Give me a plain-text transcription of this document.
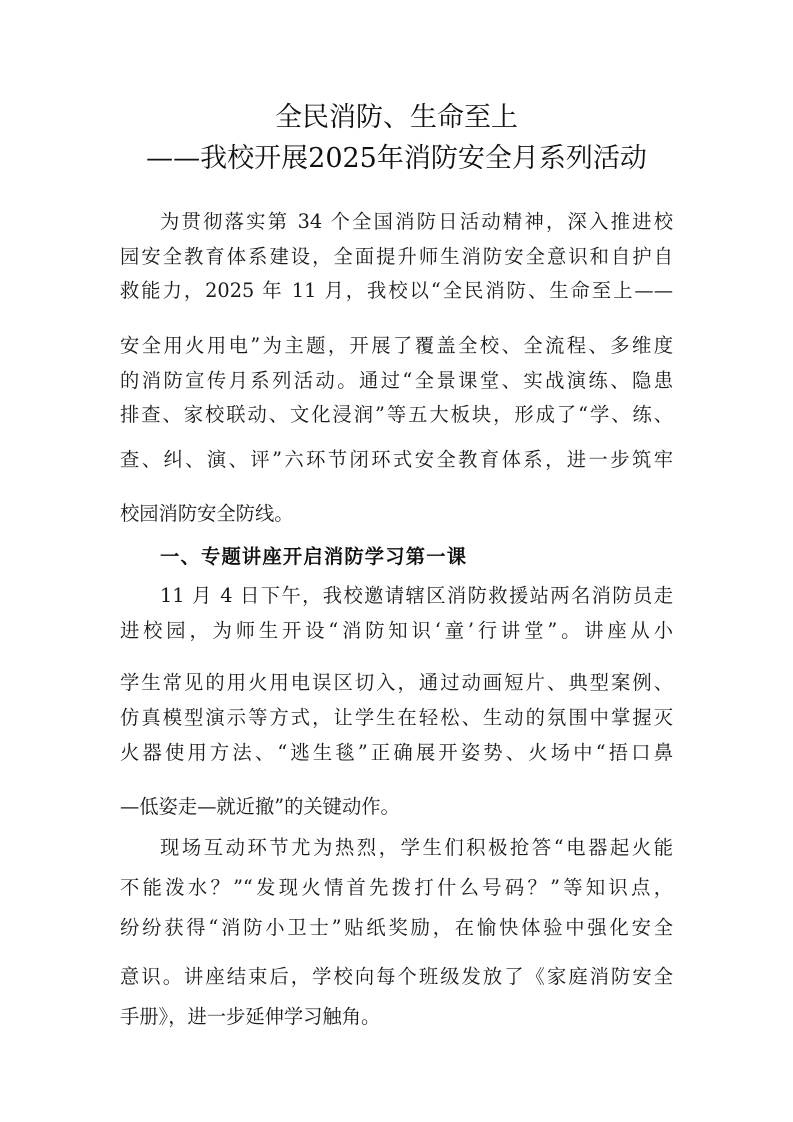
全民消防、生命至上
——我校开展2025年消防安全月系列活动
为贯彻落实第 34 个全国消防日活动精神，深入推进校
园安全教育体系建设，全面提升师生消防安全意识和自护自
救能力，2025 年 11 月，我校以“全民消防、生命至上——
安全用火用电”为主题，开展了覆盖全校、全流程、多维度
的消防宣传月系列活动。通过“全景课堂、实战演练、隐患
排查、家校联动、文化浸润”等五大板块，形成了“学、练、
查、纠、演、评”六环节闭环式安全教育体系，进一步筑牢
校园消防安全防线。
一、专题讲座开启消防学习第一课
11 月 4 日下午，我校邀请辖区消防救援站两名消防员走
进校园，为师生开设“消防知识‘童’行讲堂”。讲座从小
学生常见的用火用电误区切入，通过动画短片、典型案例、
仿真模型演示等方式，让学生在轻松、生动的氛围中掌握灭
火器使用方法、“逃生毯”正确展开姿势、火场中“捂口鼻
—低姿走—就近撤”的关键动作。
现场互动环节尤为热烈，学生们积极抢答“电器起火能
不能泼水？”“发现火情首先拨打什么号码？”等知识点，
纷纷获得“消防小卫士”贴纸奖励，在愉快体验中强化安全
意识。讲座结束后，学校向每个班级发放了《家庭消防安全
手册》，进一步延伸学习触角。
